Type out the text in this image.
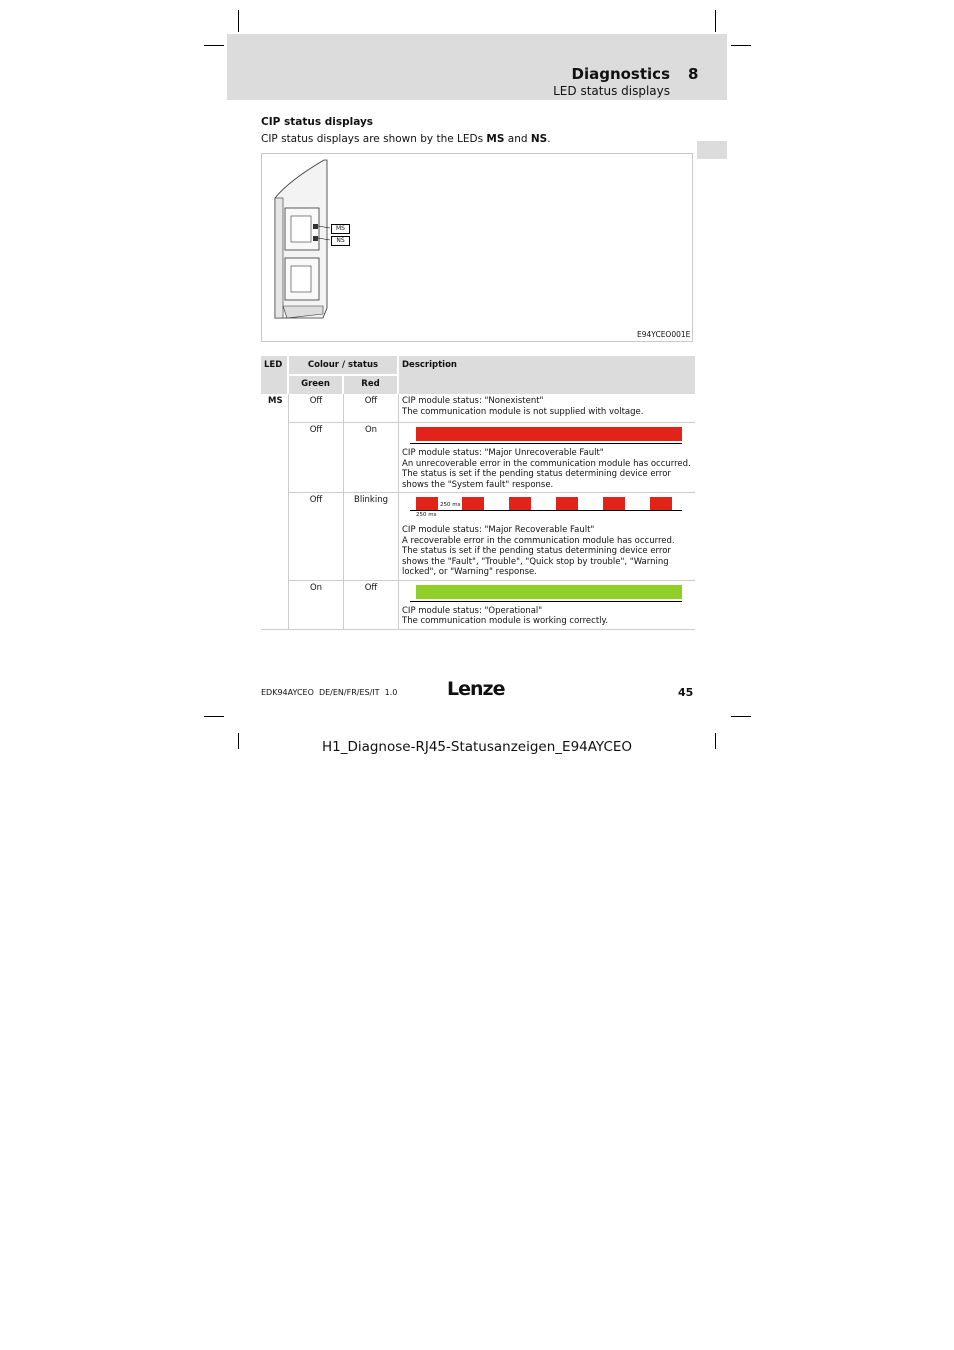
Diagnostics 8
LED status displays
CIP status displays
CIP status displays are shown by the LEDs MS and NS.
MS
NS
E94YCEO001E
LED	Colour / status		Description
	Green	Red	
MS	Off	Off	CIP module status: "Nonexistent"
The communication module is not supplied with voltage.

	Off	On	CIP module status: "Major Unrecoverable Fault"
An unrecoverable error in the communication module has occurred. The status is set if the pending status determining device error shows the "System fault" response.

	Off	Blinking	250 ms
250 ms
CIP module status: "Major Recoverable Fault"
A recoverable error in the communication module has occurred. The status is set if the pending status determining device error shows the "Fault", "Trouble", "Quick stop by trouble", "Warning locked", or "Warning" response.

	On	Off	CIP module status: "Operational"
The communication module is working correctly.
EDK94AYCEO  DE/EN/FR/ES/IT  1.0	Lenze	45
H1_Diagnose-RJ45-Statusanzeigen_E94AYCEO
